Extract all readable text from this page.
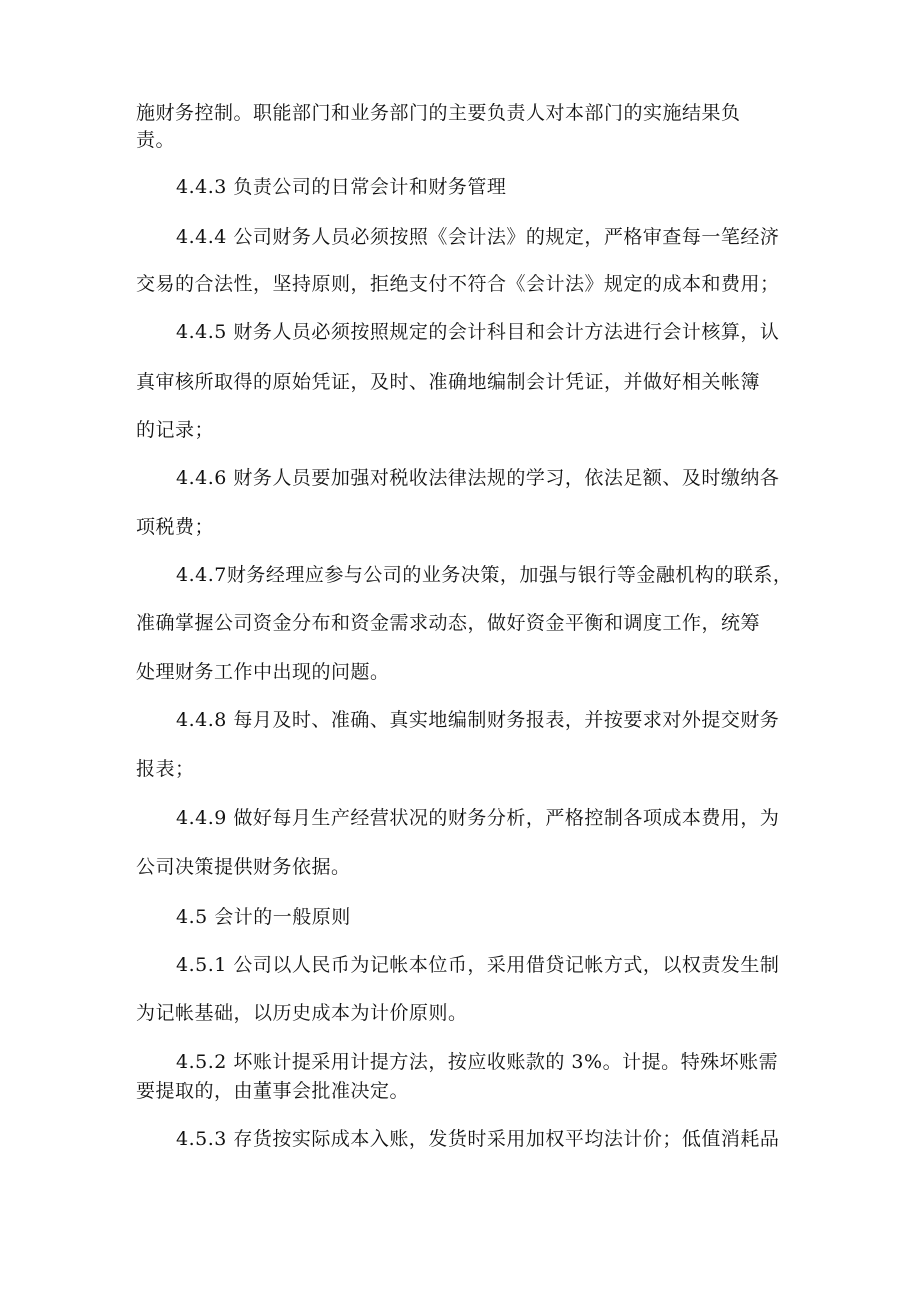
施财务控制。职能部门和业务部门的主要负责人对本部门的实施结果负
责。
4.4.3 负责公司的日常会计和财务管理
4.4.4 公司财务人员必须按照《会计法》的规定，严格审查每一笔经济
交易的合法性，坚持原则，拒绝支付不符合《会计法》规定的成本和费用；
4.4.5 财务人员必须按照规定的会计科目和会计方法进行会计核算，认
真审核所取得的原始凭证，及时、准确地编制会计凭证，并做好相关帐簿
的记录；
4.4.6 财务人员要加强对税收法律法规的学习，依法足额、及时缴纳各
项税费；
4.4.7财务经理应参与公司的业务决策，加强与银行等金融机构的联系，
准确掌握公司资金分布和资金需求动态，做好资金平衡和调度工作，统筹
处理财务工作中出现的问题。
4.4.8 每月及时、准确、真实地编制财务报表，并按要求对外提交财务
报表；
4.4.9 做好每月生产经营状况的财务分析，严格控制各项成本费用，为
公司决策提供财务依据。
4.5 会计的一般原则
4.5.1 公司以人民币为记帐本位币，采用借贷记帐方式，以权责发生制
为记帐基础，以历史成本为计价原则。
4.5.2 坏账计提采用计提方法，按应收账款的 3%。计提。特殊坏账需
要提取的，由董事会批准决定。
4.5.3 存货按实际成本入账，发货时采用加权平均法计价；低值消耗品
